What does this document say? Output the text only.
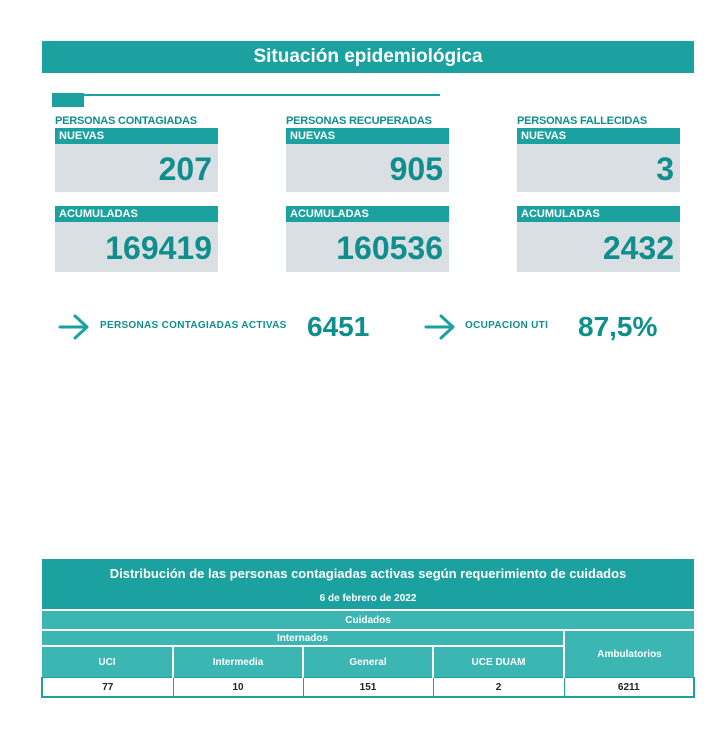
Situación epidemiológica
PERSONAS CONTAGIADAS
NUEVAS
207
ACUMULADAS
169419
PERSONAS RECUPERADAS
NUEVAS
905
ACUMULADAS
160536
PERSONAS FALLECIDAS
NUEVAS
3
ACUMULADAS
2432
PERSONAS CONTAGIADAS ACTIVAS 6451	OCUPACION UTI 87,5%
Distribución de las personas contagiadas activas según requerimiento de cuidados				
6 de febrero de 2022				
Cuidados				
Internados				Ambulatorios
UCI	Intermedia	General	UCE DUAM	
77	10	151	2	6211
